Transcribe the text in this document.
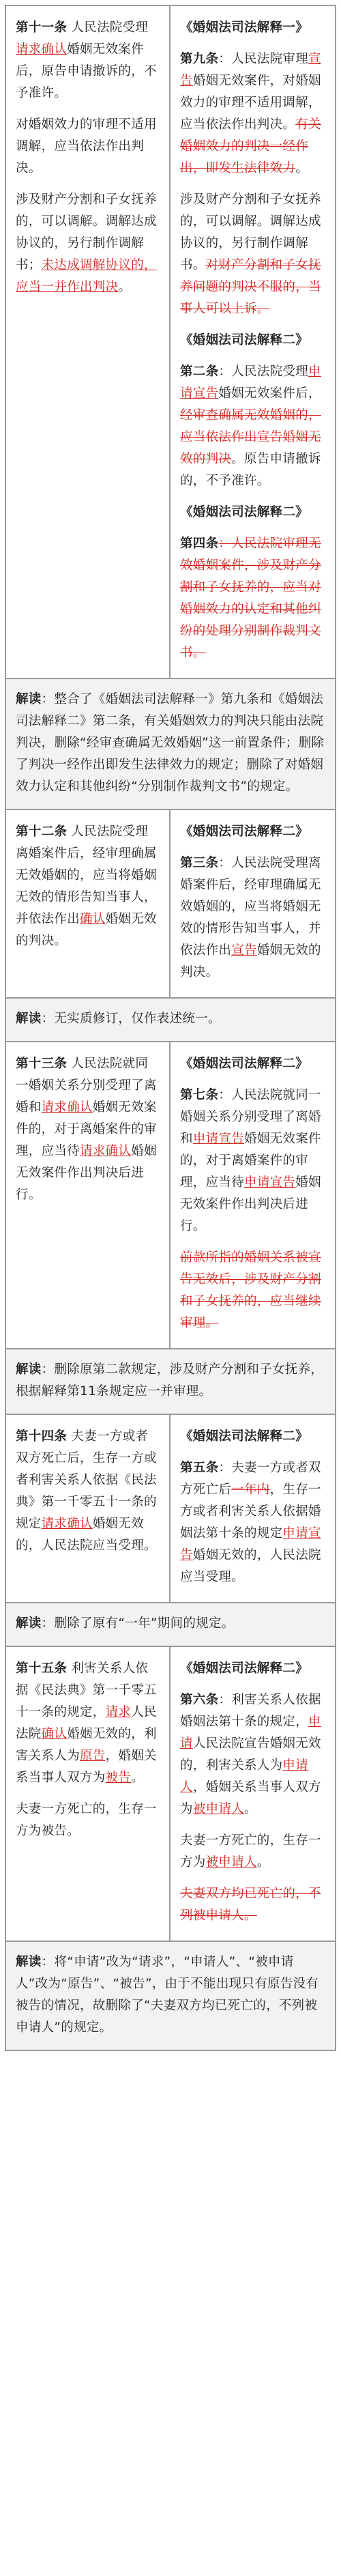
第十一条 人民法院受理请求确认婚姻无效案件后，原告申请撤诉的，不予准许。

对婚姻效力的审理不适用调解，应当依法作出判决。

涉及财产分割和子女抚养的，可以调解。调解达成协议的，另行制作调解书；未达成调解协议的，应当一并作出判决。

《婚姻法司法解释一》

第九条：人民法院审理宣告婚姻无效案件，对婚姻效力的审理不适用调解，应当依法作出判决。有关婚姻效力的判决一经作出，即发生法律效力。

涉及财产分割和子女抚养的，可以调解。调解达成协议的，另行制作调解书。对财产分割和子女抚养问题的判决不服的，当事人可以上诉。

《婚姻法司法解释二》

第二条：人民法院受理申请宣告婚姻无效案件后，经审查确属无效婚姻的，应当依法作出宣告婚姻无效的判决。原告申请撤诉的，不予准许。

《婚姻法司法解释二》

第四条：人民法院审理无效婚姻案件，涉及财产分割和子女抚养的，应当对婚姻效力的认定和其他纠纷的处理分别制作裁判文书。

解读：整合了《婚姻法司法解释一》第九条和《婚姻法司法解释二》第二条，有关婚姻效力的判决只能由法院判决，删除“经审查确属无效婚姻”这一前置条件；删除了判决一经作出即发生法律效力的规定；删除了对婚姻效力认定和其他纠纷“分别制作裁判文书”的规定。

第十二条 人民法院受理离婚案件后，经审理确属无效婚姻的，应当将婚姻无效的情形告知当事人，并依法作出确认婚姻无效的判决。

《婚姻法司法解释二》

第三条：人民法院受理离婚案件后，经审理确属无效婚姻的，应当将婚姻无效的情形告知当事人，并依法作出宣告婚姻无效的判决。

解读：无实质修订，仅作表述统一。

第十三条 人民法院就同一婚姻关系分别受理了离婚和请求确认婚姻无效案件的，对于离婚案件的审理，应当待请求确认婚姻无效案件作出判决后进行。

《婚姻法司法解释二》

第七条：人民法院就同一婚姻关系分别受理了离婚和申请宣告婚姻无效案件的，对于离婚案件的审理，应当待申请宣告婚姻无效案件作出判决后进行。

前款所指的婚姻关系被宣告无效后，涉及财产分割和子女抚养的，应当继续审理。

解读：删除原第二款规定，涉及财产分割和子女抚养，根据解释第11条规定应一并审理。

第十四条 夫妻一方或者双方死亡后，生存一方或者利害关系人依据《民法典》第一千零五十一条的规定请求确认婚姻无效的，人民法院应当受理。

《婚姻法司法解释二》

第五条：夫妻一方或者双方死亡后一年内，生存一方或者利害关系人依据婚姻法第十条的规定申请宣告婚姻无效的，人民法院应当受理。

解读：删除了原有“一年”期间的规定。

第十五条 利害关系人依据《民法典》第一千零五十一条的规定，请求人民法院确认婚姻无效的，利害关系人为原告，婚姻关系当事人双方为被告。

夫妻一方死亡的，生存一方为被告。

《婚姻法司法解释二》

第六条：利害关系人依据婚姻法第十条的规定，申请人民法院宣告婚姻无效的，利害关系人为申请人，婚姻关系当事人双方为被申请人。

夫妻一方死亡的，生存一方为被申请人。

夫妻双方均已死亡的，不列被申请人。

解读：将“申请”改为“请求”，“申请人”、“被申请人”改为“原告”、“被告”，由于不能出现只有原告没有被告的情况，故删除了“夫妻双方均已死亡的，不列被申请人”的规定。
